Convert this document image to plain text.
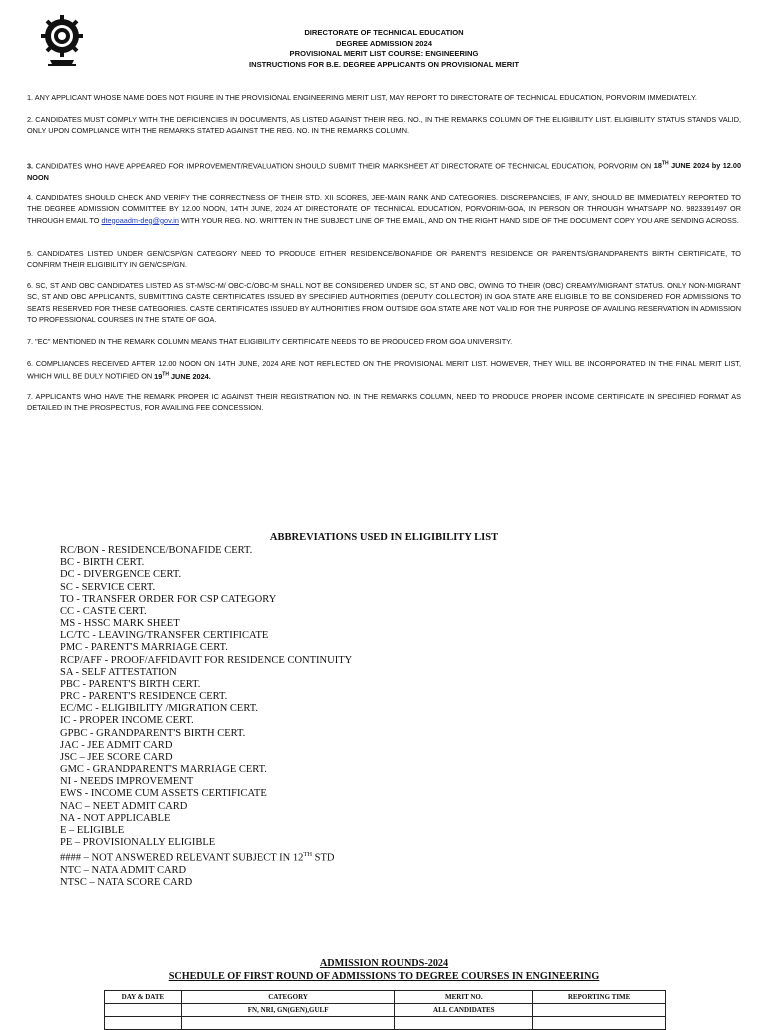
DIRECTORATE OF TECHNICAL EDUCATION
DEGREE ADMISSION 2024
PROVISIONAL MERIT LIST COURSE: ENGINEERING
INSTRUCTIONS FOR B.E. DEGREE APPLICANTS ON PROVISIONAL MERIT

1. ANY APPLICANT WHOSE NAME DOES NOT FIGURE IN THE PROVISIONAL ENGINEERING MERIT LIST, MAY REPORT TO DIRECTORATE OF TECHNICAL EDUCATION, PORVORIM IMMEDIATELY.

2. CANDIDATES MUST COMPLY WITH THE DEFICIENCIES IN DOCUMENTS, AS LISTED AGAINST THEIR REG. NO., IN THE REMARKS COLUMN OF THE ELIGIBILITY LIST. ELIGIBILITY STATUS STANDS VALID, ONLY UPON COMPLIANCE WITH THE REMARKS STATED AGAINST THE REG. NO. IN THE REMARKS COLUMN.

3. CANDIDATES WHO HAVE APPEARED FOR IMPROVEMENT/REVALUATION SHOULD SUBMIT THEIR MARKSHEET AT DIRECTORATE OF TECHNICAL EDUCATION, PORVORIM ON 18TH JUNE 2024 by 12.00 NOON

4. CANDIDATES SHOULD CHECK AND VERIFY THE CORRECTNESS OF THEIR STD. XII SCORES, JEE-MAIN RANK AND CATEGORIES. DISCREPANCIES, IF ANY, SHOULD BE IMMEDIATELY REPORTED TO THE DEGREE ADMISSION COMMITTEE BY 12.00 NOON, 14TH JUNE, 2024 AT DIRECTORATE OF TECHNICAL EDUCATION, PORVORIM-GOA, IN PERSON OR THROUGH WHATSAPP NO. 9823391497 OR THROUGH EMAIL TO dtegoaadm-deg@gov.in WITH YOUR REG. NO. WRITTEN IN THE SUBJECT LINE OF THE EMAIL, AND ON THE RIGHT HAND SIDE OF THE DOCUMENT COPY YOU ARE SENDING ACROSS.

5. CANDIDATES LISTED UNDER GEN/CSP/GN CATEGORY NEED TO PRODUCE EITHER RESIDENCE/BONAFIDE OR PARENT'S RESIDENCE OR PARENTS/GRANDPARENTS BIRTH CERTIFICATE, TO CONFIRM THEIR ELIGIBILITY IN GEN/CSP/GN.

6. SC, ST AND OBC CANDIDATES LISTED AS ST-M/SC-M/ OBC-C/OBC-M SHALL NOT BE CONSIDERED UNDER SC, ST AND OBC, OWING TO THEIR (OBC) CREAMY/MIGRANT STATUS. ONLY NON-MIGRANT SC, ST AND OBC APPLICANTS, SUBMITTING CASTE CERTIFICATES ISSUED BY SPECIFIED AUTHORITIES (DEPUTY COLLECTOR) IN GOA STATE ARE ELIGIBLE TO BE CONSIDERED FOR ADMISSIONS TO SEATS RESERVED FOR THESE CATEGORIES. CASTE CERTIFICATES ISSUED BY AUTHORITIES FROM OUTSIDE GOA STATE ARE NOT VALID FOR THE PURPOSE OF AVAILING RESERVATION IN ADMISSION TO PROFESSIONAL COURSES IN THE STATE OF GOA.

7. "EC" MENTIONED IN THE REMARK COLUMN MEANS THAT ELIGIBILITY CERTIFICATE NEEDS TO BE PRODUCED FROM GOA UNIVERSITY.

6. COMPLIANCES RECEIVED AFTER 12.00 NOON ON 14TH JUNE, 2024 ARE NOT REFLECTED ON THE PROVISIONAL MERIT LIST. HOWEVER, THEY WILL BE INCORPORATED IN THE FINAL MERIT LIST, WHICH WILL BE DULY NOTIFIED ON 19TH JUNE 2024.

7. APPLICANTS WHO HAVE THE REMARK PROPER IC AGAINST THEIR REGISTRATION NO. IN THE REMARKS COLUMN, NEED TO PRODUCE PROPER INCOME CERTIFICATE IN SPECIFIED FORMAT AS DETAILED IN THE PROSPECTUS, FOR AVAILING FEE CONCESSION.

ABBREVIATIONS USED IN ELIGIBILITY LIST
RC/BON - RESIDENCE/BONAFIDE CERT.
BC - BIRTH CERT.
DC - DIVERGENCE CERT.
SC - SERVICE CERT.
TO - TRANSFER ORDER FOR CSP CATEGORY
CC - CASTE CERT.
MS - HSSC MARK SHEET
LC/TC - LEAVING/TRANSFER CERTIFICATE
PMC - PARENT'S MARRIAGE CERT.
RCP/AFF - PROOF/AFFIDAVIT FOR RESIDENCE CONTINUITY
SA - SELF ATTESTATION
PBC - PARENT'S BIRTH CERT.
PRC - PARENT'S RESIDENCE CERT.
EC/MC - ELIGIBILITY /MIGRATION CERT.
IC - PROPER INCOME CERT.
GPBC - GRANDPARENT'S BIRTH CERT.
JAC - JEE ADMIT CARD
JSC – JEE SCORE CARD
GMC - GRANDPARENT'S MARRIAGE CERT.
NI - NEEDS IMPROVEMENT
EWS - INCOME CUM ASSETS CERTIFICATE
NAC – NEET ADMIT CARD
NA - NOT APPLICABLE
E – ELIGIBLE
PE – PROVISIONALLY ELIGIBLE
#### – NOT ANSWERED RELEVANT SUBJECT IN 12TH STD
NTC – NATA ADMIT CARD
NTSC – NATA SCORE CARD
ADMISSION ROUNDS-2024
SCHEDULE OF FIRST ROUND OF ADMISSIONS TO DEGREE COURSES IN ENGINEERING
DAY & DATE	CATEGORY	MERIT NO.	REPORTING TIME
	FN, NRI, GN(GEN),GULF	ALL CANDIDATES	
